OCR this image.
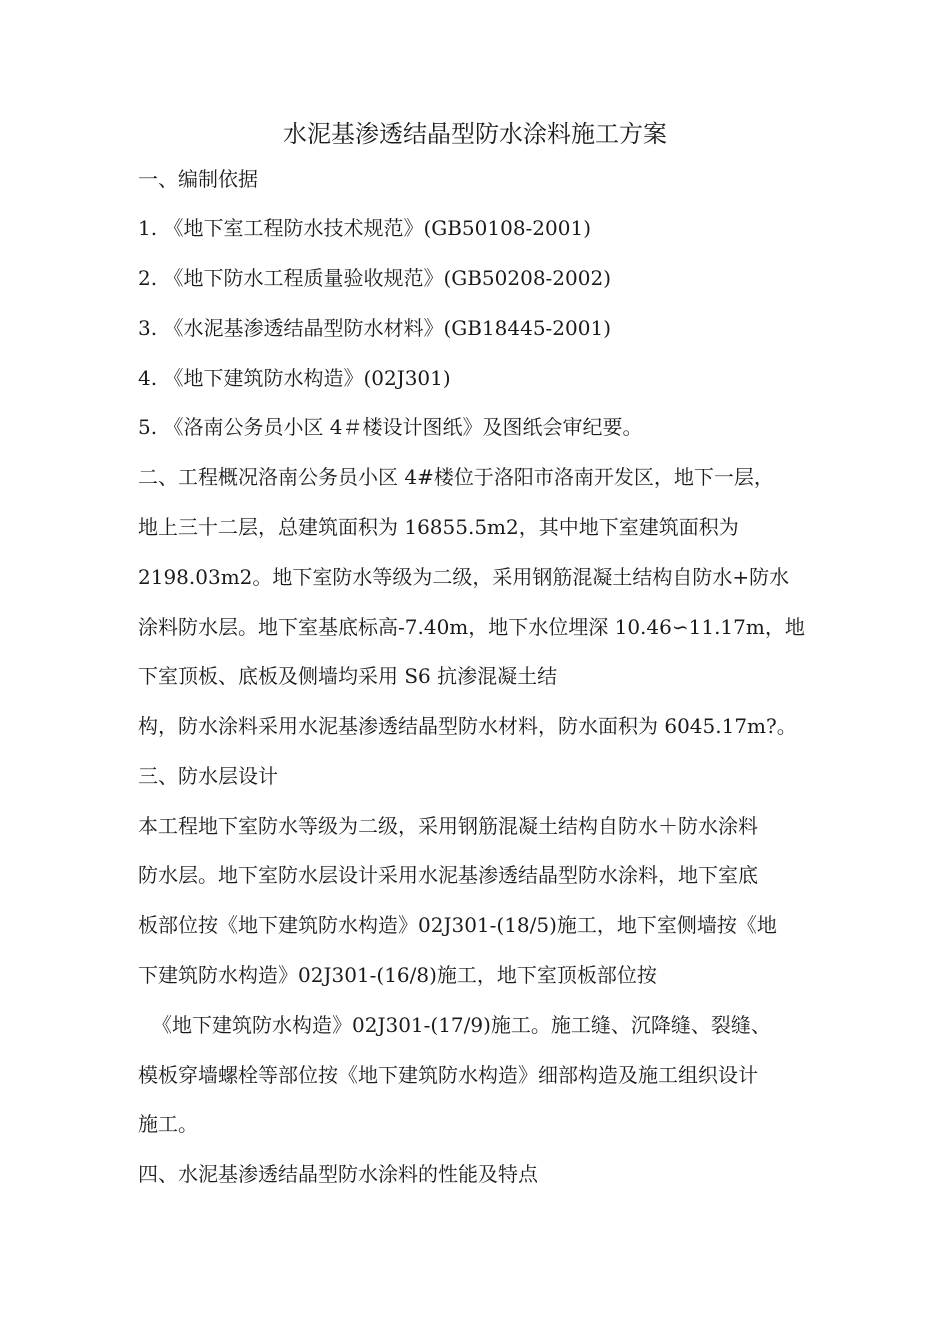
水泥基渗透结晶型防水涂料施工方案
一、编制依据
1. 《地下室工程防水技术规范》(GB50108-2001)
2. 《地下防水工程质量验收规范》(GB50208-2002)
3. 《水泥基渗透结晶型防水材料》(GB18445-2001)
4. 《地下建筑防水构造》(02J301)
5. 《洛南公务员小区 4＃楼设计图纸》及图纸会审纪要。
二、工程概况洛南公务员小区 4#楼位于洛阳市洛南开发区，地下一层，
地上三十二层，总建筑面积为 16855.5m2，其中地下室建筑面积为
2198.03m2。地下室防水等级为二级，采用钢筋混凝土结构自防水+防水
涂料防水层。地下室基底标高-7.40m，地下水位埋深 10.46∽11.17m，地
下室顶板、底板及侧墙均采用 S6 抗渗混凝土结
构，防水涂料采用水泥基渗透结晶型防水材料，防水面积为 6045.17m?。
三、防水层设计
本工程地下室防水等级为二级，采用钢筋混凝土结构自防水＋防水涂料
防水层。地下室防水层设计采用水泥基渗透结晶型防水涂料，地下室底
板部位按《地下建筑防水构造》02J301-(18/5)施工，地下室侧墙按《地
下建筑防水构造》02J301-(16/8)施工，地下室顶板部位按
《地下建筑防水构造》02J301-(17/9)施工。施工缝、沉降缝、裂缝、
模板穿墙螺栓等部位按《地下建筑防水构造》细部构造及施工组织设计
施工。
四、水泥基渗透结晶型防水涂料的性能及特点
